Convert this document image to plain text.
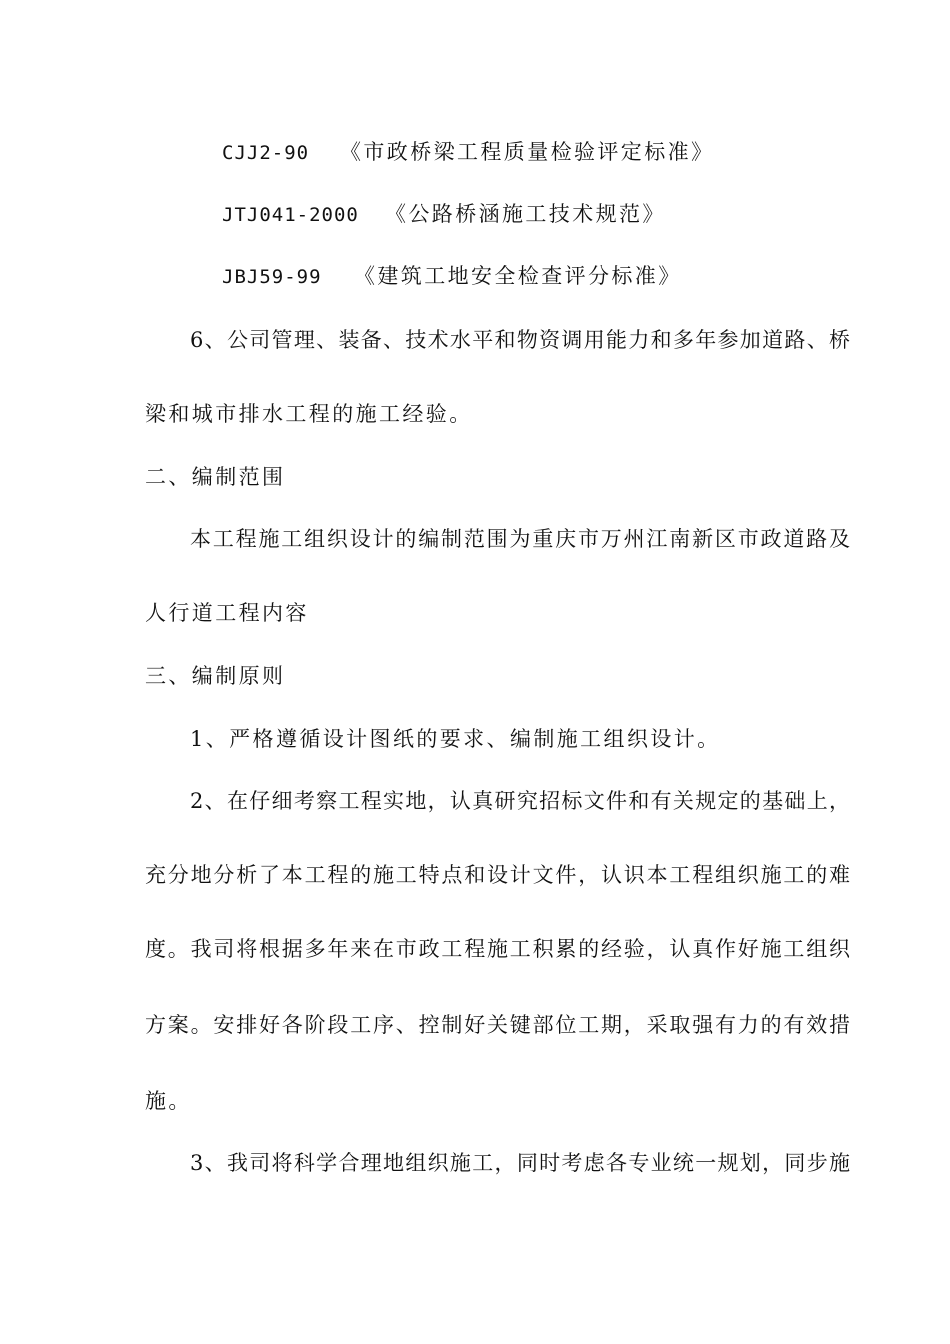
CJJ2-90 《市政桥梁工程质量检验评定标准》
JTJ041-2000 《公路桥涵施工技术规范》
JBJ59-99 《建筑工地安全检查评分标准》
6、公司管理、装备、技术水平和物资调用能力和多年参加道路、桥
梁和城市排水工程的施工经验。
二、编制范围
本工程施工组织设计的编制范围为重庆市万州江南新区市政道路及
人行道工程内容
三、编制原则
1、严格遵循设计图纸的要求、编制施工组织设计。
2、在仔细考察工程实地，认真研究招标文件和有关规定的基础上，
充分地分析了本工程的施工特点和设计文件，认识本工程组织施工的难
度。我司将根据多年来在市政工程施工积累的经验，认真作好施工组织
方案。安排好各阶段工序、控制好关键部位工期，采取强有力的有效措
施。
3、我司将科学合理地组织施工，同时考虑各专业统一规划，同步施
